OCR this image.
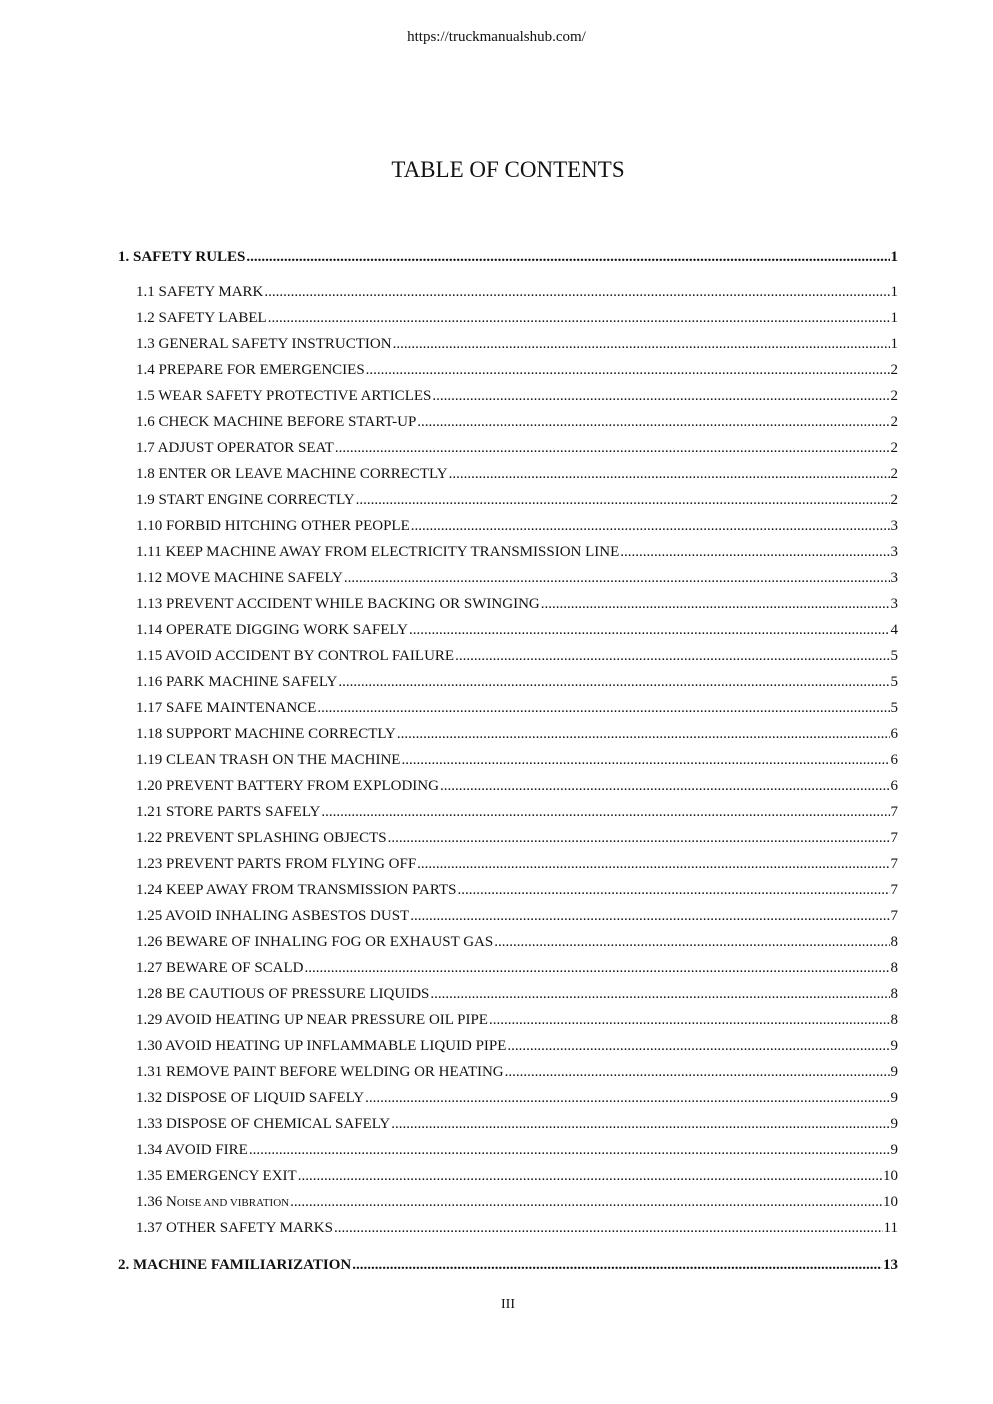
https://truckmanualshub.com/
TABLE OF CONTENTS
1. SAFETY RULES .....	1
1.1 SAFETY MARK .....	1
1.2 SAFETY LABEL .....	1
1.3 GENERAL SAFETY INSTRUCTION .....	1
1.4 PREPARE FOR EMERGENCIES .....	2
1.5 WEAR SAFETY PROTECTIVE ARTICLES .....	2
1.6 CHECK MACHINE BEFORE START-UP .....	2
1.7 ADJUST OPERATOR SEAT .....	2
1.8 ENTER OR LEAVE MACHINE CORRECTLY .....	2
1.9 START ENGINE CORRECTLY .....	2
1.10 FORBID HITCHING OTHER PEOPLE .....	3
1.11 KEEP MACHINE AWAY FROM ELECTRICITY TRANSMISSION LINE .....	3
1.12 MOVE MACHINE SAFELY .....	3
1.13 PREVENT ACCIDENT WHILE BACKING OR SWINGING .....	3
1.14 OPERATE DIGGING WORK SAFELY .....	4
1.15 AVOID ACCIDENT BY CONTROL FAILURE .....	5
1.16 PARK MACHINE SAFELY .....	5
1.17 SAFE MAINTENANCE .....	5
1.18 SUPPORT MACHINE CORRECTLY .....	6
1.19 CLEAN TRASH ON THE MACHINE .....	6
1.20 PREVENT BATTERY FROM EXPLODING .....	6
1.21 STORE PARTS SAFELY .....	7
1.22 PREVENT SPLASHING OBJECTS .....	7
1.23 PREVENT PARTS FROM FLYING OFF .....	7
1.24 KEEP AWAY FROM TRANSMISSION PARTS .....	7
1.25 AVOID INHALING ASBESTOS DUST .....	7
1.26 BEWARE OF INHALING FOG OR EXHAUST GAS .....	8
1.27 BEWARE OF SCALD .....	8
1.28 BE CAUTIOUS OF PRESSURE LIQUIDS .....	8
1.29 AVOID HEATING UP NEAR PRESSURE OIL PIPE .....	8
1.30 AVOID HEATING UP INFLAMMABLE LIQUID PIPE .....	9
1.31 REMOVE PAINT BEFORE WELDING OR HEATING .....	9
1.32 DISPOSE OF LIQUID SAFELY .....	9
1.33 DISPOSE OF CHEMICAL SAFELY .....	9
1.34 AVOID FIRE .....	9
1.35 EMERGENCY EXIT .....	10
1.36 NOISE AND VIBRATION .....	10
1.37 OTHER SAFETY MARKS .....	11
2. MACHINE FAMILIARIZATION .....	13
III
